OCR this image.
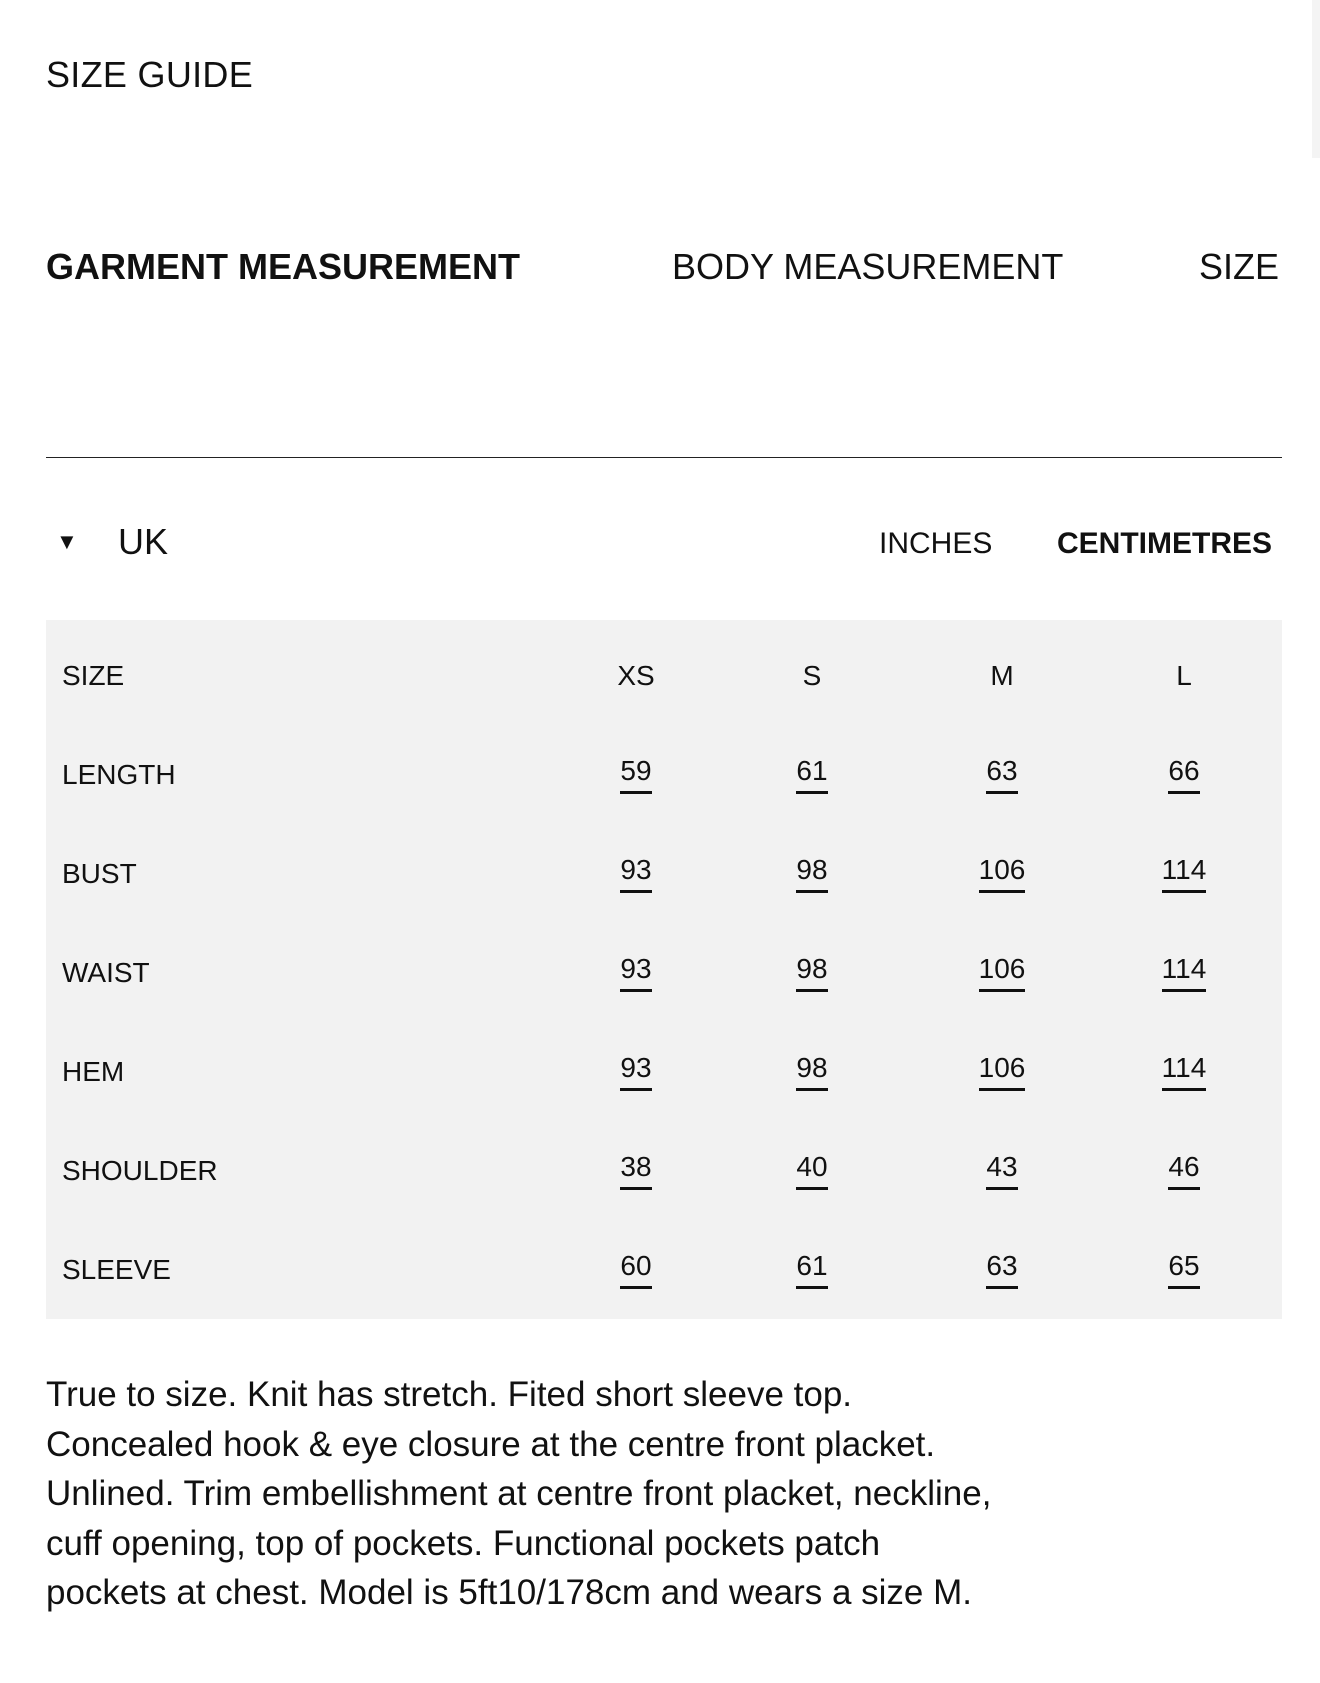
SIZE GUIDE
GARMENT MEASUREMENT	BODY MEASUREMENT	SIZE
▼ UK	INCHES CENTIMETRES
SIZE	XS	S	M	L
LENGTH	59	61	63	66
BUST	93	98	106	114
WAIST	93	98	106	114
HEM	93	98	106	114
SHOULDER	38	40	43	46
SLEEVE	60	61	63	65

True to size. Knit has stretch. Fited short sleeve top.
Concealed hook & eye closure at the centre front placket.
Unlined. Trim embellishment at centre front placket, neckline,
cuff opening, top of pockets. Functional pockets patch
pockets at chest. Model is 5ft10/178cm and wears a size M.
